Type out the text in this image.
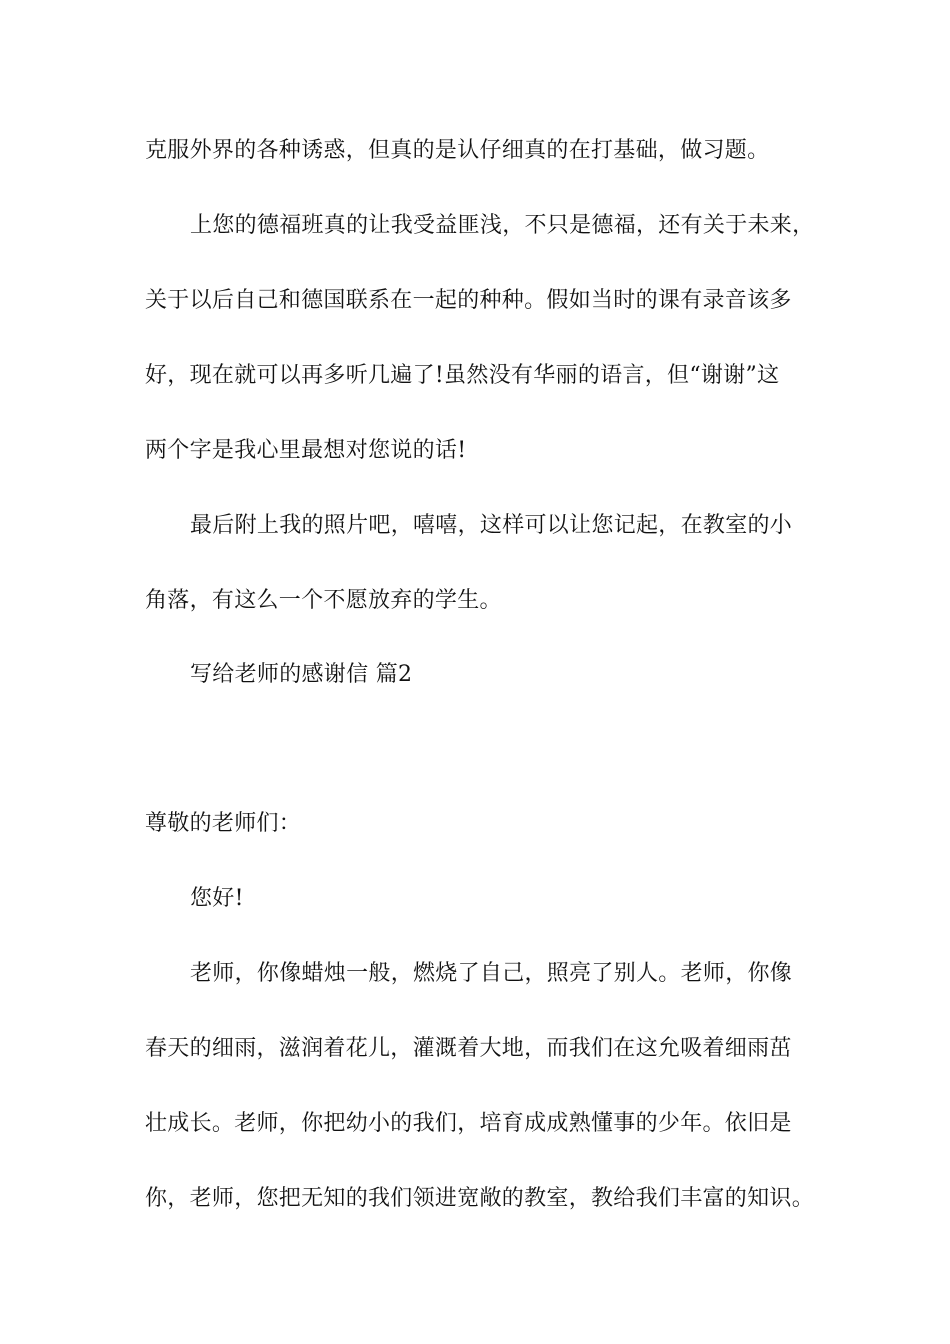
克服外界的各种诱惑，但真的是认仔细真的在打基础，做习题。

上您的德福班真的让我受益匪浅，不只是德福，还有关于未来，

关于以后自己和德国联系在一起的种种。假如当时的课有录音该多

好，现在就可以再多听几遍了!虽然没有华丽的语言，但“谢谢”这

两个字是我心里最想对您说的话!

最后附上我的照片吧，嘻嘻，这样可以让您记起，在教室的小

角落，有这么一个不愿放弃的学生。

写给老师的感谢信 篇2

尊敬的老师们：

您好!

老师，你像蜡烛一般，燃烧了自己，照亮了别人。老师，你像

春天的细雨，滋润着花儿，灌溉着大地，而我们在这允吸着细雨茁

壮成长。老师，你把幼小的我们，培育成成熟懂事的少年。依旧是

你，老师，您把无知的我们领进宽敞的教室，教给我们丰富的知识。
